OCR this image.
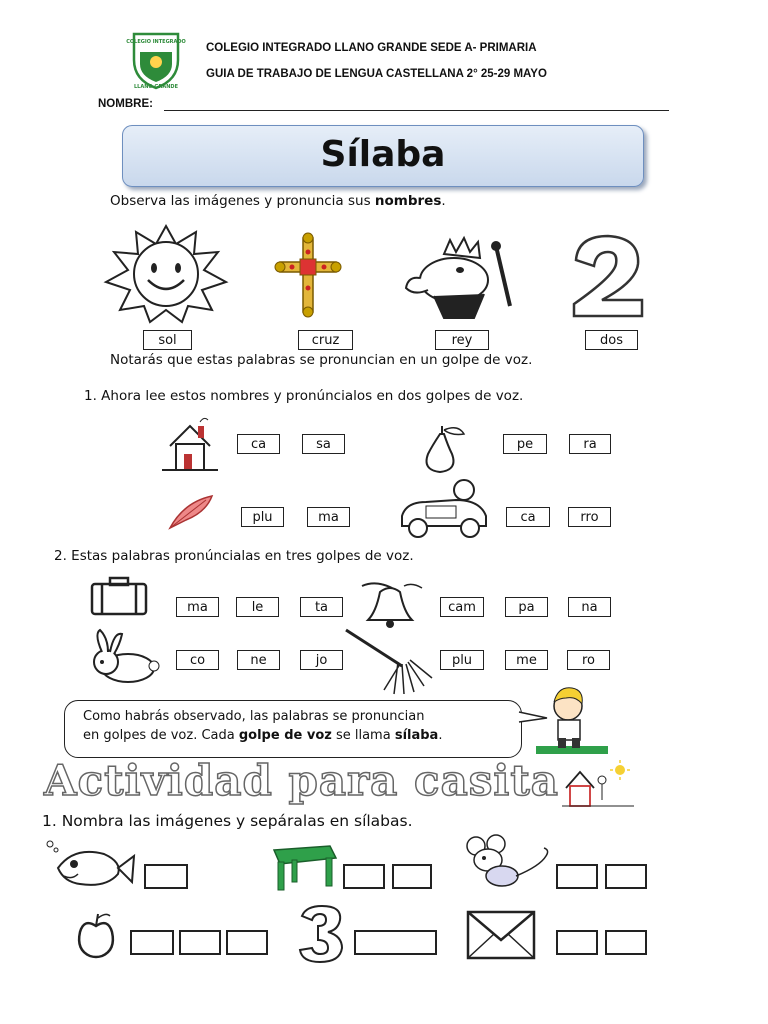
COLEGIO INTEGRADO
LLANO GRANDE
COLEGIO INTEGRADO LLANO GRANDE SEDE A- PRIMARIA
GUIA DE TRABAJO DE LENGUA CASTELLANA 2° 25-29 MAYO
NOMBRE:
Sílaba
Observa las imágenes y pronuncia sus nombres.
sol	cruz	rey	dos
Notarás que estas palabras se pronuncian en un golpe de voz.
1. Ahora lee estos nombres y pronúncialos en dos golpes de voz.
ca	sa	pe	ra
plu	ma	ca	rro
2. Estas palabras pronúncialas en tres golpes de voz.
ma	le	ta	cam	pa	na
co	ne	jo	plu	me	ro
Como habrás observado, las palabras se pronuncian
en golpes de voz. Cada golpe de voz se llama sílaba.
Actividad para casita
1. Nombra las imágenes y sepáralas en sílabas.
